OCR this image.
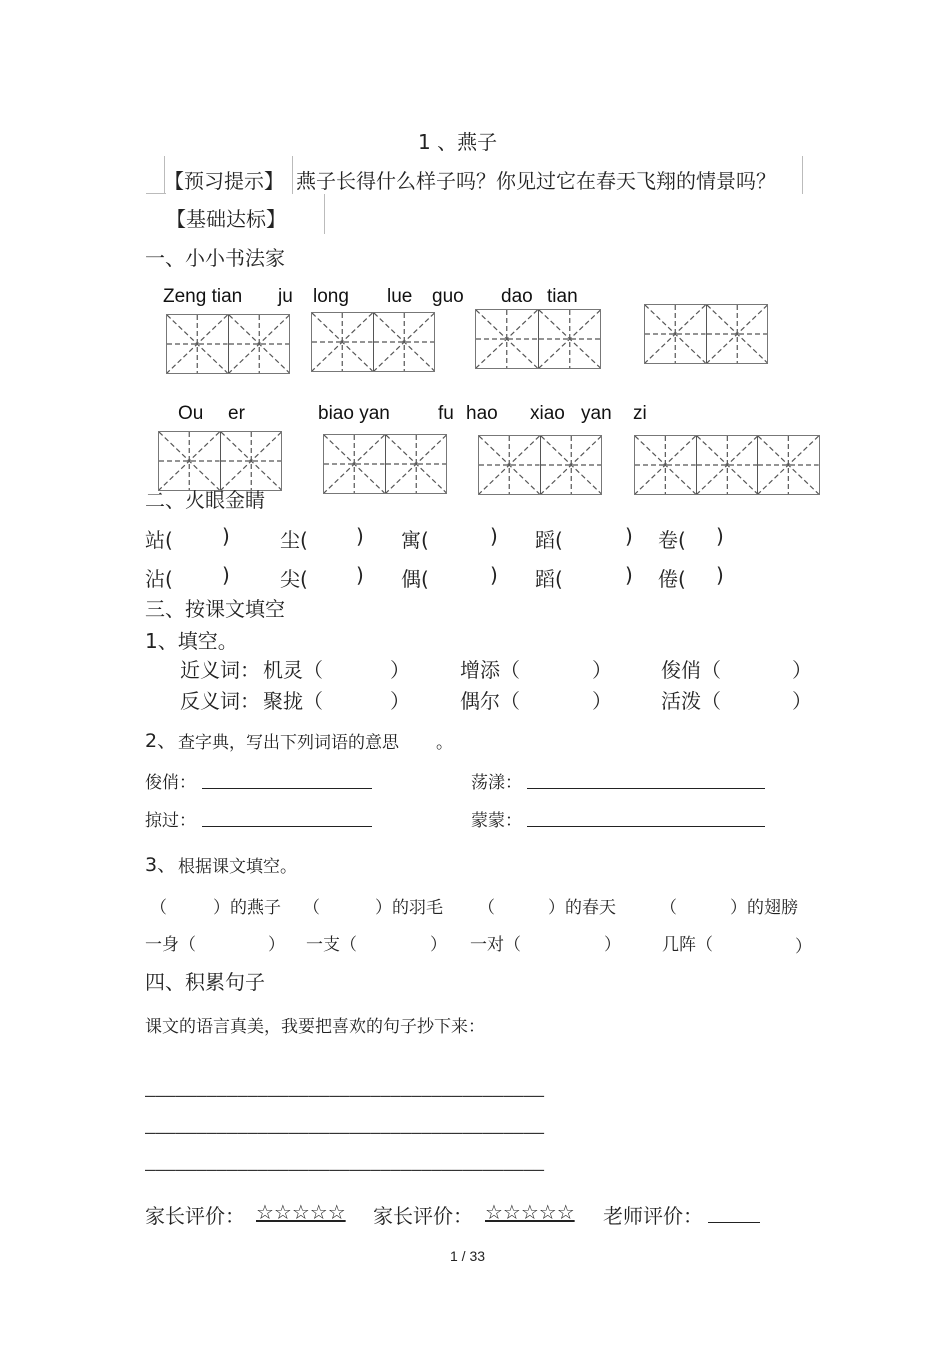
1 、燕子
【预习提示】 燕子长得什么样子吗？你见过它在春天飞翔的情景吗？
【基础达标】
一、小小书法家
Zeng tian ju long lue guo dao tian
Ou er	biao yan	fu hao xiao yan zi
二、火眼金睛
站( )	尘( ) 寓(	) 蹈(	) 卷( )
沾( )	尖( ) 偶(	) 蹈(	) 倦( )
三、按课文填空
1、填空。
近义词： 机灵（	）	增添（	） 俊俏（	）
反义词： 聚拢（	）	偶尔（	） 活泼（	）
2、 查字典，写出下列词语的意思 。
俊俏：	荡漾：
掠过：	蒙蒙：
3、 根据课文填空。
（	）的燕子 （	）的羽毛 （	）的春天	（	）的翅膀
一身（	） 一支（	） 一对（	） 几阵（	）
四、积累句子
课文的语言真美，我要把喜欢的句子抄下来：
———————————————————————————————————————
———————————————————————————————————————
———————————————————————————————————————
家长评价： ☆☆☆☆☆ 家长评价： ☆☆☆☆☆ 老师评价：
1 / 33
